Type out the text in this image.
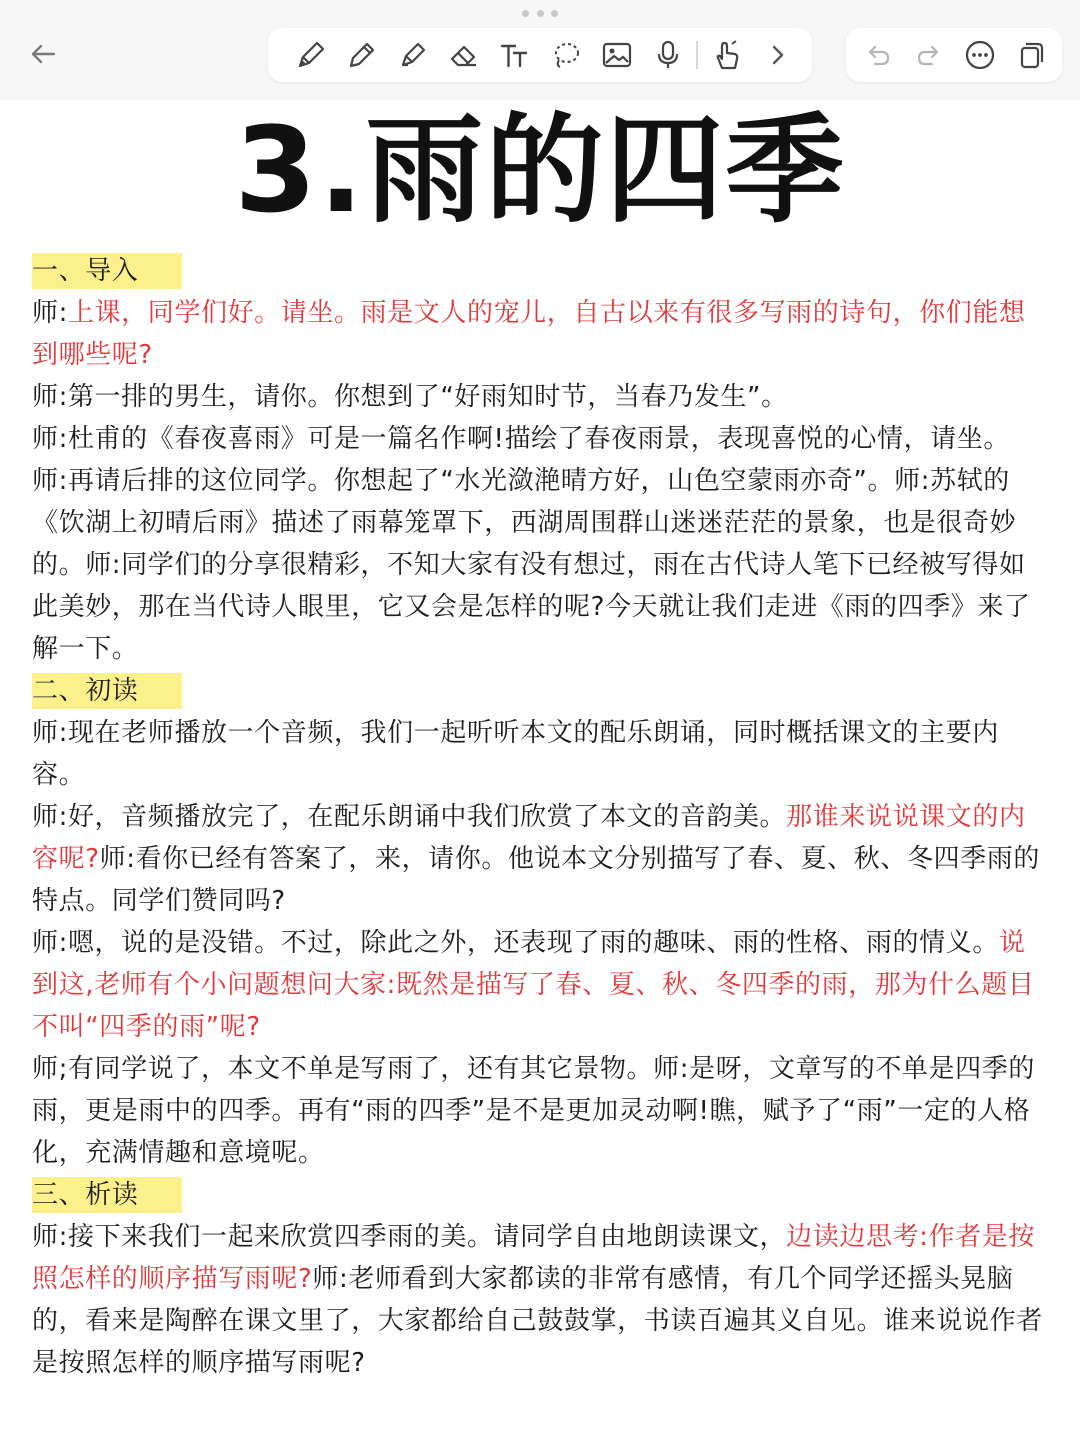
3.雨的四季

一、导入

师:上课，同学们好。请坐。雨是文人的宠儿，自古以来有很多写雨的诗句，你们能想到哪些呢?

师:第一排的男生，请你。你想到了“好雨知时节，当春乃发生”。

师:杜甫的《春夜喜雨》可是一篇名作啊!描绘了春夜雨景，表现喜悦的心情，请坐。

师:再请后排的这位同学。你想起了“水光潋滟晴方好，山色空蒙雨亦奇”。师:苏轼的《饮湖上初晴后雨》描述了雨幕笼罩下，西湖周围群山迷迷茫茫的景象，也是很奇妙的。师:同学们的分享很精彩，不知大家有没有想过，雨在古代诗人笔下已经被写得如此美妙，那在当代诗人眼里，它又会是怎样的呢?今天就让我们走进《雨的四季》来了解一下。

二、初读

师:现在老师播放一个音频，我们一起听听本文的配乐朗诵，同时概括课文的主要内容。

师:好，音频播放完了，在配乐朗诵中我们欣赏了本文的音韵美。那谁来说说课文的内容呢?师:看你已经有答案了，来，请你。他说本文分别描写了春、夏、秋、冬四季雨的特点。同学们赞同吗?

师:嗯，说的是没错。不过，除此之外，还表现了雨的趣味、雨的性格、雨的情义。说到这,老师有个小问题想问大家:既然是描写了春、夏、秋、冬四季的雨，那为什么题目不叫“四季的雨”呢?

师;有同学说了，本文不单是写雨了，还有其它景物。师:是呀，文章写的不单是四季的雨，更是雨中的四季。再有“雨的四季”是不是更加灵动啊!瞧，赋予了“雨”一定的人格化，充满情趣和意境呢。

三、析读

师:接下来我们一起来欣赏四季雨的美。请同学自由地朗读课文，边读边思考:作者是按照怎样的顺序描写雨呢?师:老师看到大家都读的非常有感情，有几个同学还摇头晃脑的，看来是陶醉在课文里了，大家都给自己鼓鼓掌，书读百遍其义自见。谁来说说作者是按照怎样的顺序描写雨呢?
